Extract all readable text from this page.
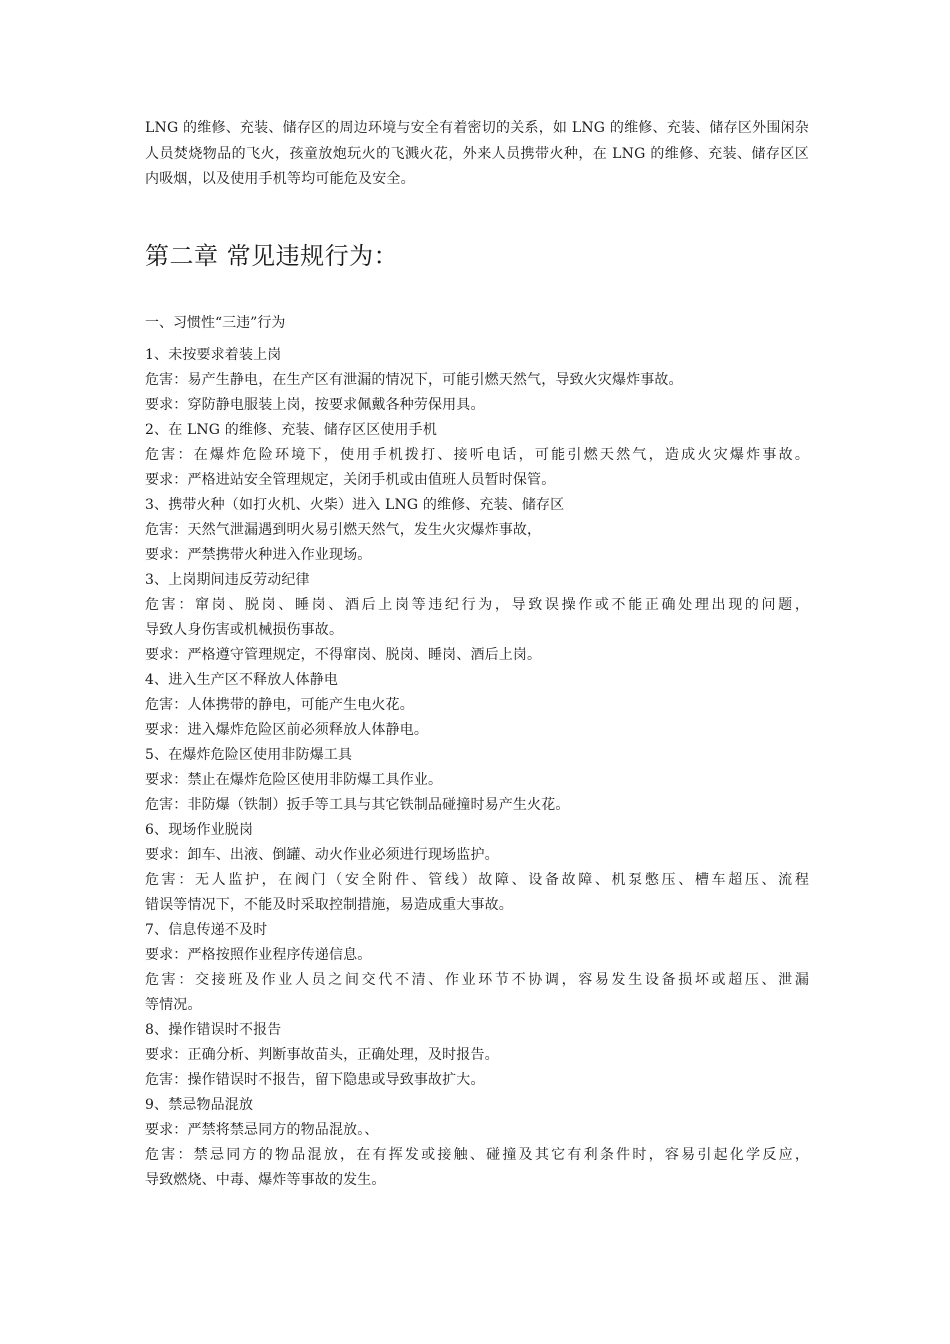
LNG 的维修、充装、储存区的周边环境与安全有着密切的关系，如 LNG 的维修、充装、储存区外围闲杂人员焚烧物品的飞火，孩童放炮玩火的飞溅火花，外来人员携带火种，在 LNG 的维修、充装、储存区区内吸烟，以及使用手机等均可能危及安全。

第二章 常见违规行为：
一、习惯性“三违”行为
1、未按要求着装上岗
危害：易产生静电，在生产区有泄漏的情况下，可能引燃天然气，导致火灾爆炸事故。
要求：穿防静电服装上岗，按要求佩戴各种劳保用具。
2、在 LNG 的维修、充装、储存区区使用手机
危害：在爆炸危险环境下，使用手机拨打、接听电话，可能引燃天然气，造成火灾爆炸事故。
要求：严格进站安全管理规定，关闭手机或由值班人员暂时保管。
3、携带火种（如打火机、火柴）进入 LNG 的维修、充装、储存区
危害：天然气泄漏遇到明火易引燃天然气，发生火灾爆炸事故，
要求：严禁携带火种进入作业现场。
3、上岗期间违反劳动纪律
危害：窜岗、脱岗、睡岗、酒后上岗等违纪行为，导致误操作或不能正确处理出现的问题，
导致人身伤害或机械损伤事故。
要求：严格遵守管理规定，不得窜岗、脱岗、睡岗、酒后上岗。
4、进入生产区不释放人体静电
危害：人体携带的静电，可能产生电火花。
要求：进入爆炸危险区前必须释放人体静电。
5、在爆炸危险区使用非防爆工具
要求：禁止在爆炸危险区使用非防爆工具作业。
危害：非防爆（铁制）扳手等工具与其它铁制品碰撞时易产生火花。
6、现场作业脱岗
要求：卸车、出液、倒罐、动火作业必须进行现场监护。
危害：无人监护，在阀门（安全附件、管线）故障、设备故障、机泵憋压、槽车超压、流程
错误等情况下，不能及时采取控制措施，易造成重大事故。
7、信息传递不及时
要求：严格按照作业程序传递信息。
危害：交接班及作业人员之间交代不清、作业环节不协调，容易发生设备损坏或超压、泄漏
等情况。
8、操作错误时不报告
要求：正确分析、判断事故苗头，正确处理，及时报告。
危害：操作错误时不报告，留下隐患或导致事故扩大。
9、禁忌物品混放
要求：严禁将禁忌同方的物品混放。、
危害：禁忌同方的物品混放，在有挥发或接触、碰撞及其它有利条件时，容易引起化学反应，
导致燃烧、中毒、爆炸等事故的发生。
